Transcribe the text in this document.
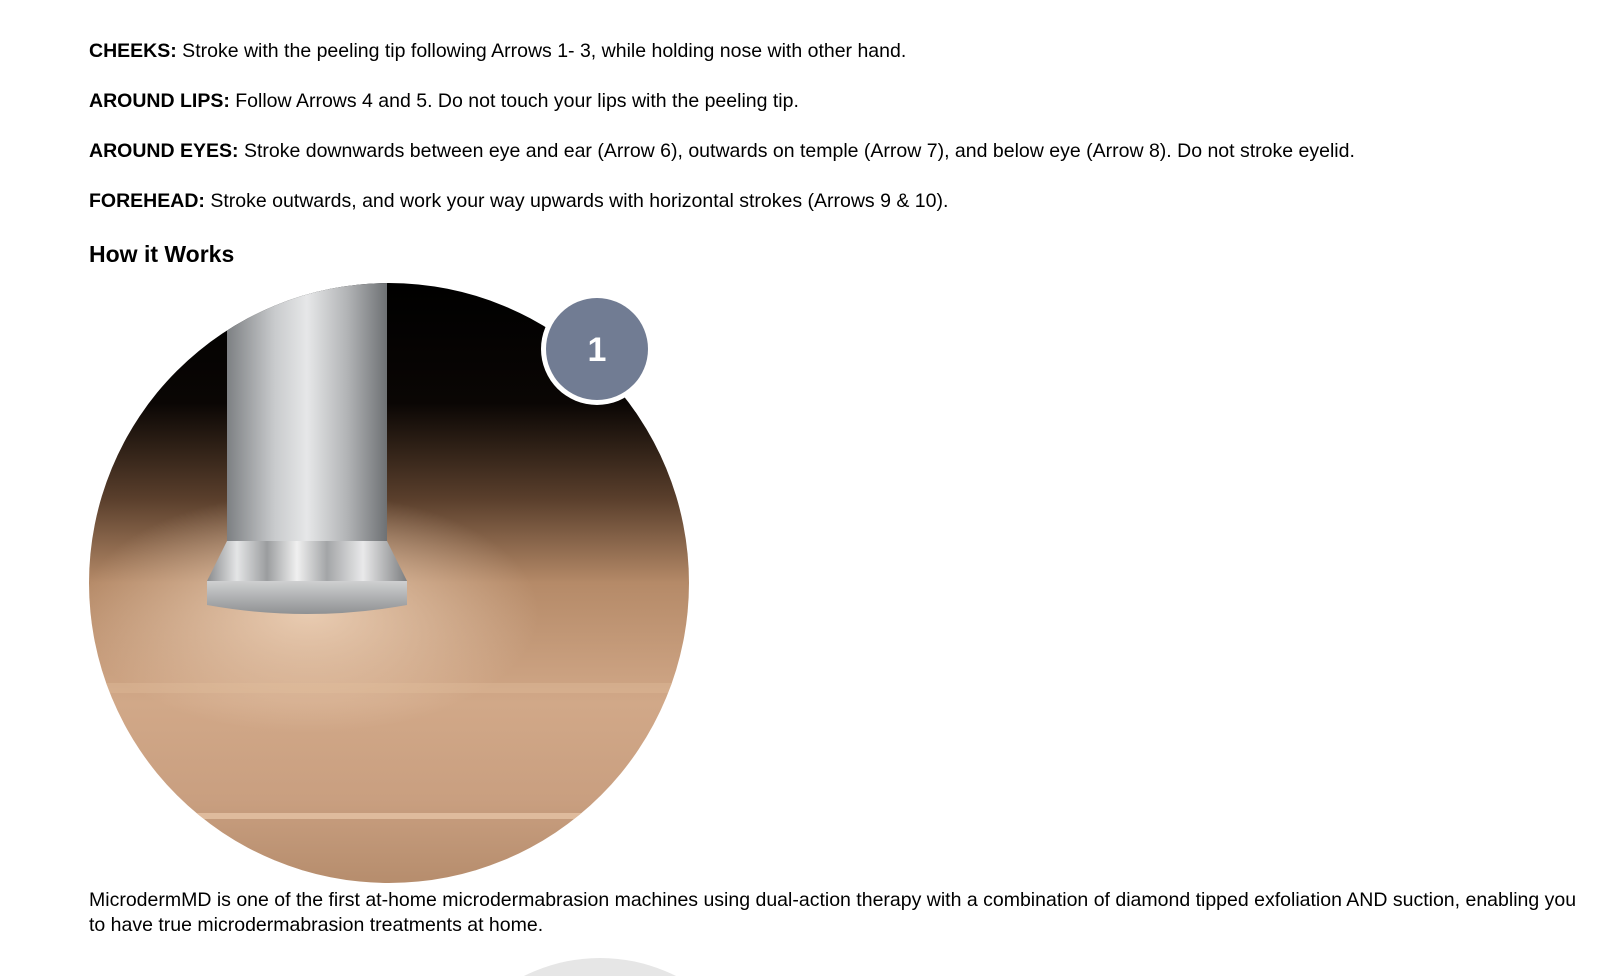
CHEEKS: Stroke with the peeling tip following Arrows 1- 3, while holding nose with other hand.
AROUND LIPS: Follow Arrows 4 and 5. Do not touch your lips with the peeling tip.
AROUND EYES: Stroke downwards between eye and ear (Arrow 6), outwards on temple (Arrow 7), and below eye (Arrow 8). Do not stroke eyelid.
FOREHEAD: Stroke outwards, and work your way upwards with horizontal strokes (Arrows 9 & 10).
How it Works
1

MicrodermMD is one of the first at-home microdermabrasion machines using dual-action therapy with a combination of diamond tipped exfoliation AND suction, enabling you to have true microdermabrasion treatments at home.
